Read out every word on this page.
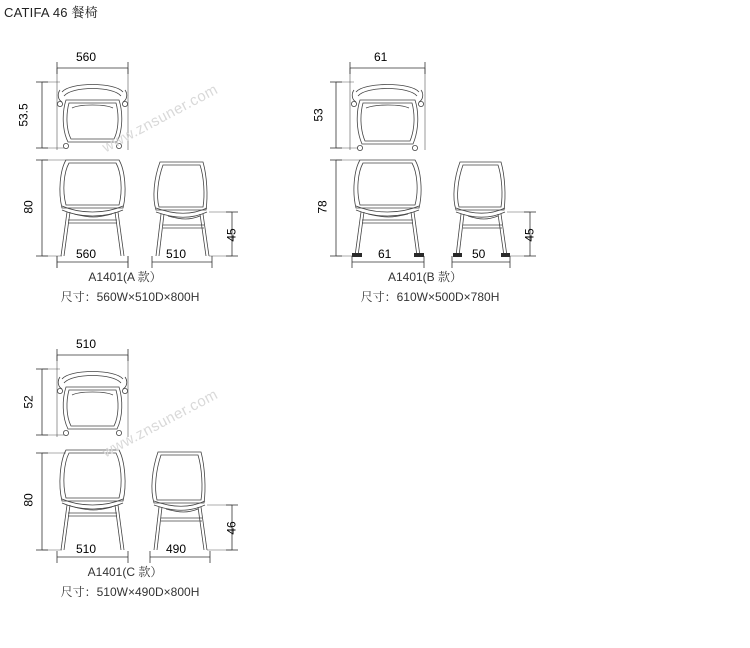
CATIFA 46 餐椅
560
53.5
80
45
560	510
A1401(A 款）
尺寸：560W×510D×800H
61
53
78
45
61	50
A1401(B 款）
尺寸：610W×500D×780H
510
52
80
46
510	490
A1401(C 款）
尺寸：510W×490D×800H
www.znsuner.com
www.znsuner.com
